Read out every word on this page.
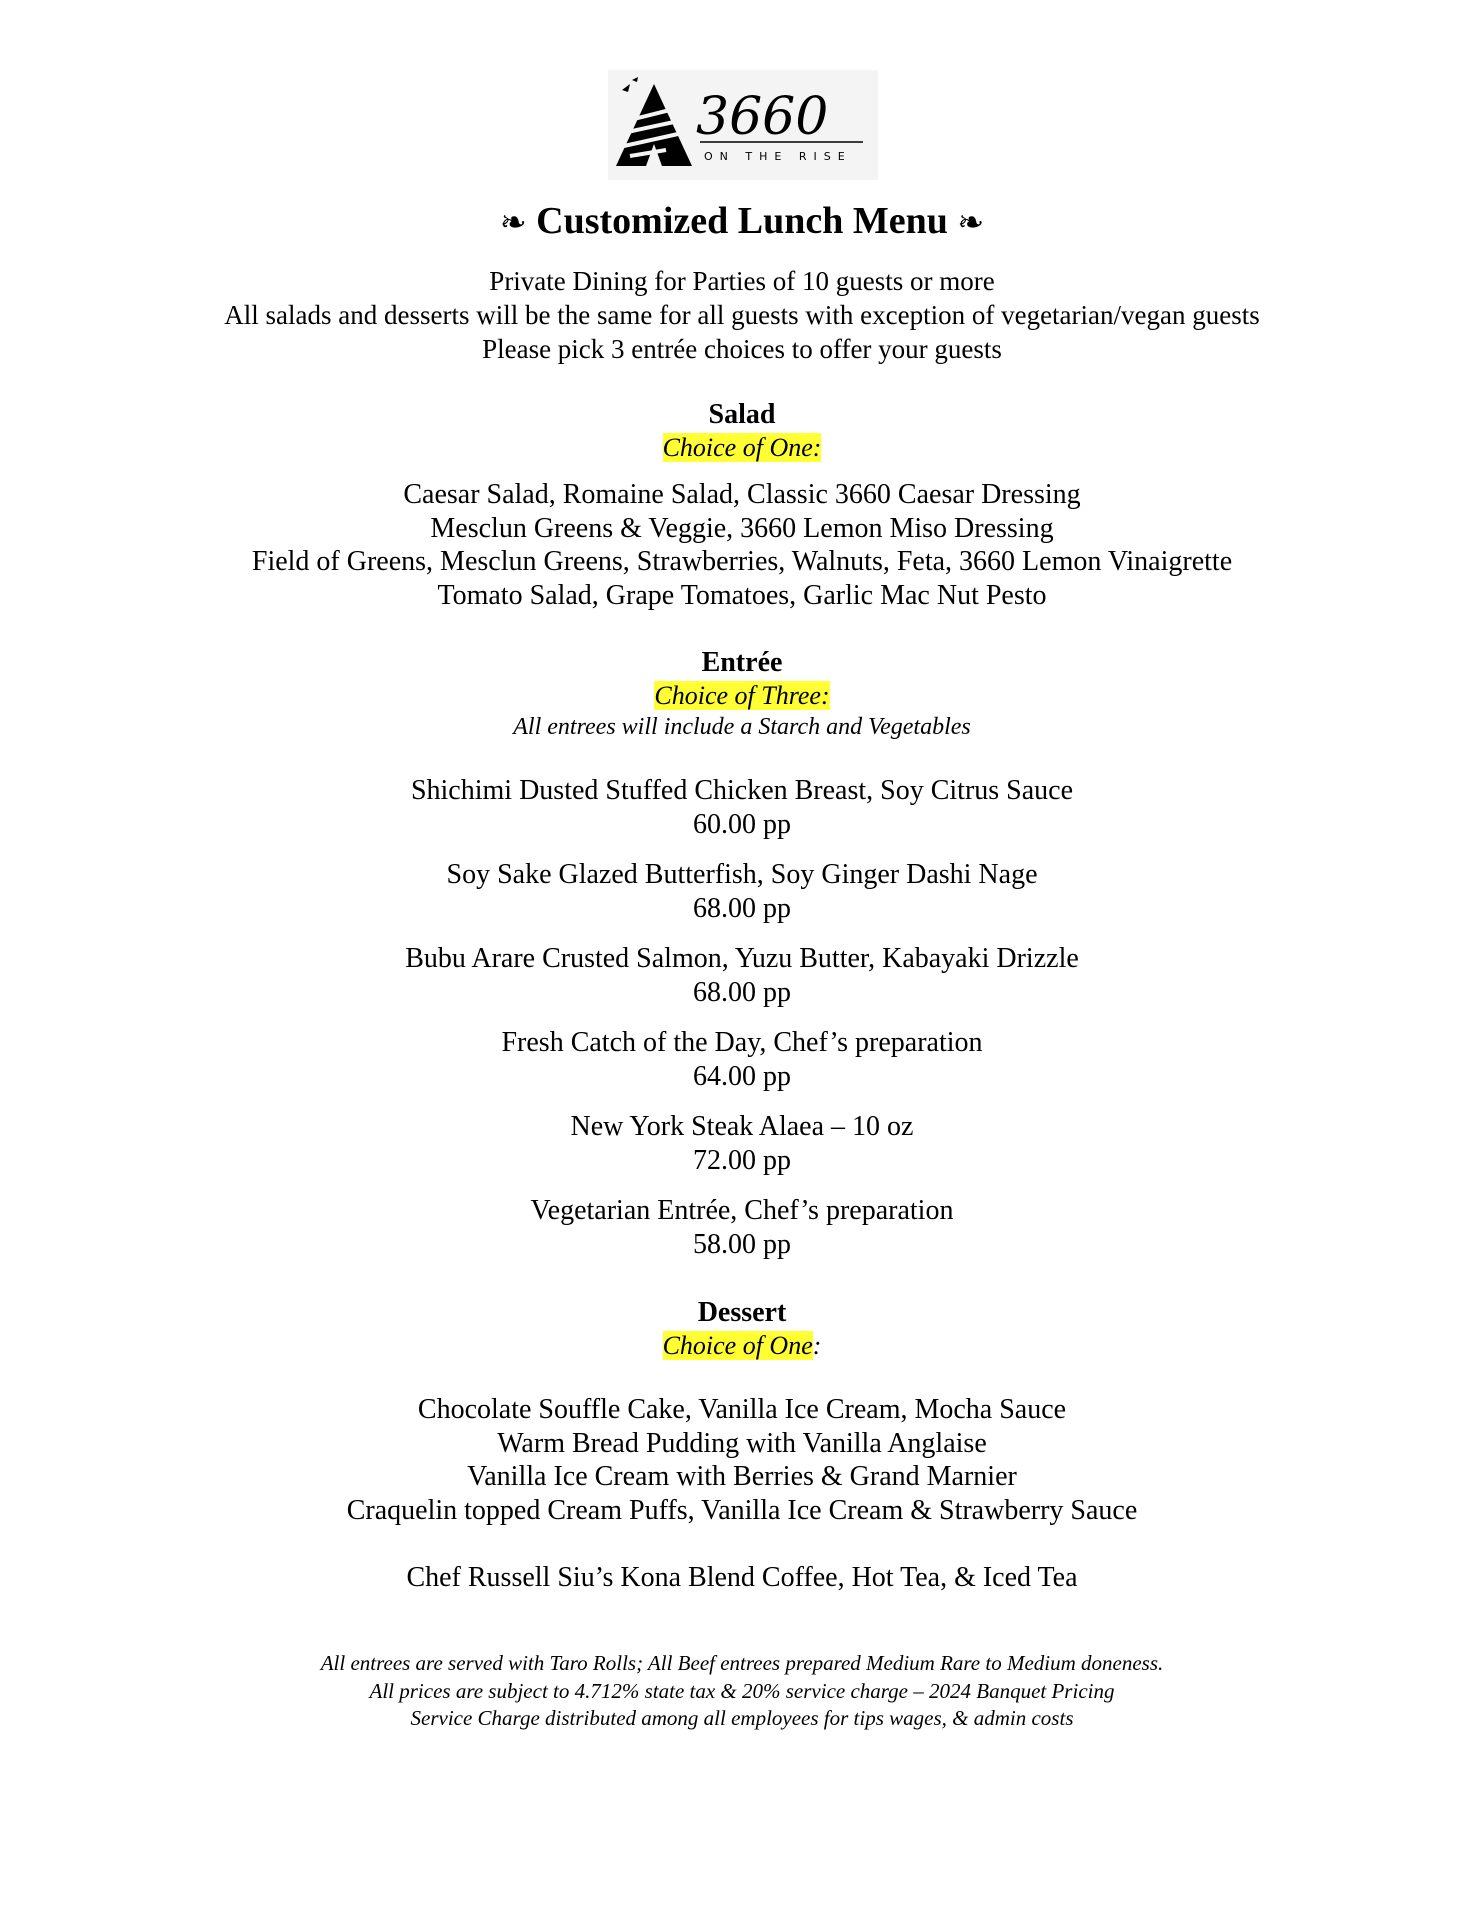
3660
ON THE RISE
❧ Customized Lunch Menu ❧
Private Dining for Parties of 10 guests or more
All salads and desserts will be the same for all guests with exception of vegetarian/vegan guests
Please pick 3 entrée choices to offer your guests
Salad
Choice of One:
Caesar Salad, Romaine Salad, Classic 3660 Caesar Dressing
Mesclun Greens & Veggie, 3660 Lemon Miso Dressing
Field of Greens, Mesclun Greens, Strawberries, Walnuts, Feta, 3660 Lemon Vinaigrette
Tomato Salad, Grape Tomatoes, Garlic Mac Nut Pesto
Entrée
Choice of Three:
All entrees will include a Starch and Vegetables
Shichimi Dusted Stuffed Chicken Breast, Soy Citrus Sauce
60.00 pp
Soy Sake Glazed Butterfish, Soy Ginger Dashi Nage
68.00 pp
Bubu Arare Crusted Salmon, Yuzu Butter, Kabayaki Drizzle
68.00 pp
Fresh Catch of the Day, Chef’s preparation
64.00 pp
New York Steak Alaea – 10 oz
72.00 pp
Vegetarian Entrée, Chef’s preparation
58.00 pp
Dessert
Choice of One:
Chocolate Souffle Cake, Vanilla Ice Cream, Mocha Sauce
Warm Bread Pudding with Vanilla Anglaise
Vanilla Ice Cream with Berries & Grand Marnier
Craquelin topped Cream Puffs, Vanilla Ice Cream & Strawberry Sauce
Chef Russell Siu’s Kona Blend Coffee, Hot Tea, & Iced Tea
All entrees are served with Taro Rolls; All Beef entrees prepared Medium Rare to Medium doneness.
All prices are subject to 4.712% state tax & 20% service charge – 2024 Banquet Pricing
Service Charge distributed among all employees for tips wages, & admin costs
